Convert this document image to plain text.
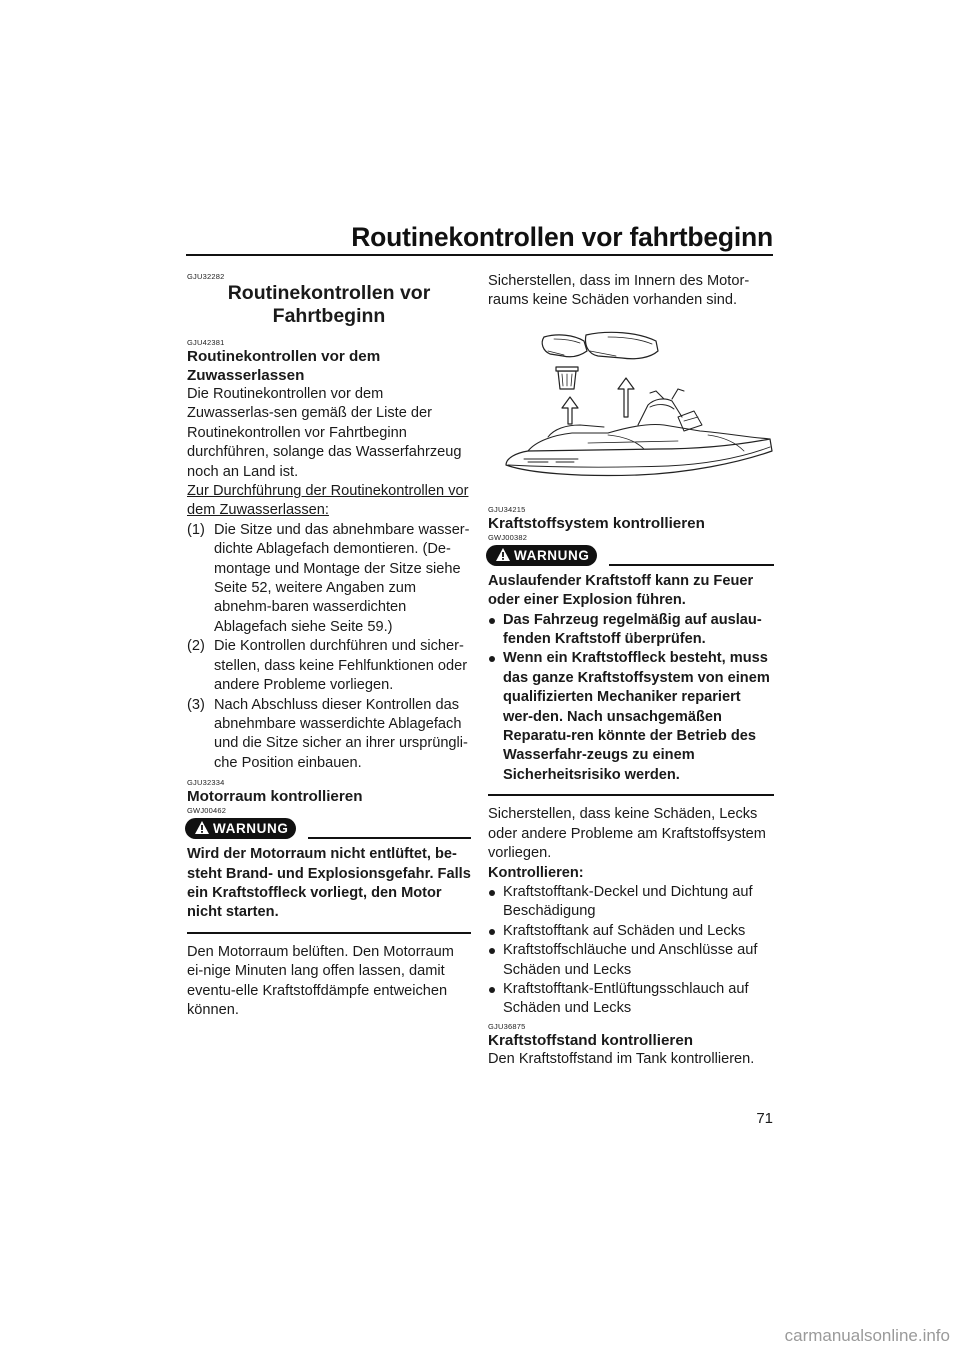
Routinekontrollen vor fahrtbeginn
GJU32282
Routinekontrollen vor
Fahrtbeginn
GJU42381
Routinekontrollen vor dem
Zuwasserlassen

Die Routinekontrollen vor dem Zuwasserlas-sen gemäß der Liste der Routinekontrollen vor Fahrtbeginn durchführen, solange das Wasserfahrzeug noch an Land ist.

Zur Durchführung der Routinekontrollen vor dem Zuwasserlassen:

(1) Die Sitze und das abnehmbare wasser-dichte Ablagefach demontieren. (De-montage und Montage der Sitze siehe Seite 52, weitere Angaben zum abnehm-baren wasserdichten Ablagefach siehe Seite 59.)
(2) Die Kontrollen durchführen und sicher-stellen, dass keine Fehlfunktionen oder andere Probleme vorliegen.
(3) Nach Abschluss dieser Kontrollen das abnehmbare wasserdichte Ablagefach und die Sitze sicher an ihrer ursprüngli-che Position einbauen.
GJU32334
Motorraum kontrollieren
GWJ00462
WARNUNG
Wird der Motorraum nicht entlüftet, be-steht Brand- und Explosionsgefahr. Falls ein Kraftstoffleck vorliegt, den Motor nicht starten.

Den Motorraum belüften. Den Motorraum ei-nige Minuten lang offen lassen, damit eventu-elle Kraftstoffdämpfe entweichen können.

Sicherstellen, dass im Innern des Motor-raums keine Schäden vorhanden sind.

GJU34215
Kraftstoffsystem kontrollieren
GWJ00382
WARNUNG

Auslaufender Kraftstoff kann zu Feuer oder einer Explosion führen.

Das Fahrzeug regelmäßig auf auslau-fenden Kraftstoff überprüfen.
Wenn ein Kraftstoffleck besteht, muss das ganze Kraftstoffsystem von einem qualifizierten Mechaniker repariert wer-den. Nach unsachgemäßen Reparatu-ren könnte der Betrieb des Wasserfahr-zeugs zu einem Sicherheitsrisiko werden.

Sicherstellen, dass keine Schäden, Lecks oder andere Probleme am Kraftstoffsystem vorliegen.

Kontrollieren:

Kraftstofftank-Deckel und Dichtung auf Beschädigung
Kraftstofftank auf Schäden und Lecks
Kraftstoffschläuche und Anschlüsse auf Schäden und Lecks
Kraftstofftank-Entlüftungsschlauch auf Schäden und Lecks
GJU36875
Kraftstoffstand kontrollieren

Den Kraftstoffstand im Tank kontrollieren.

71
carmanualsonline.info
